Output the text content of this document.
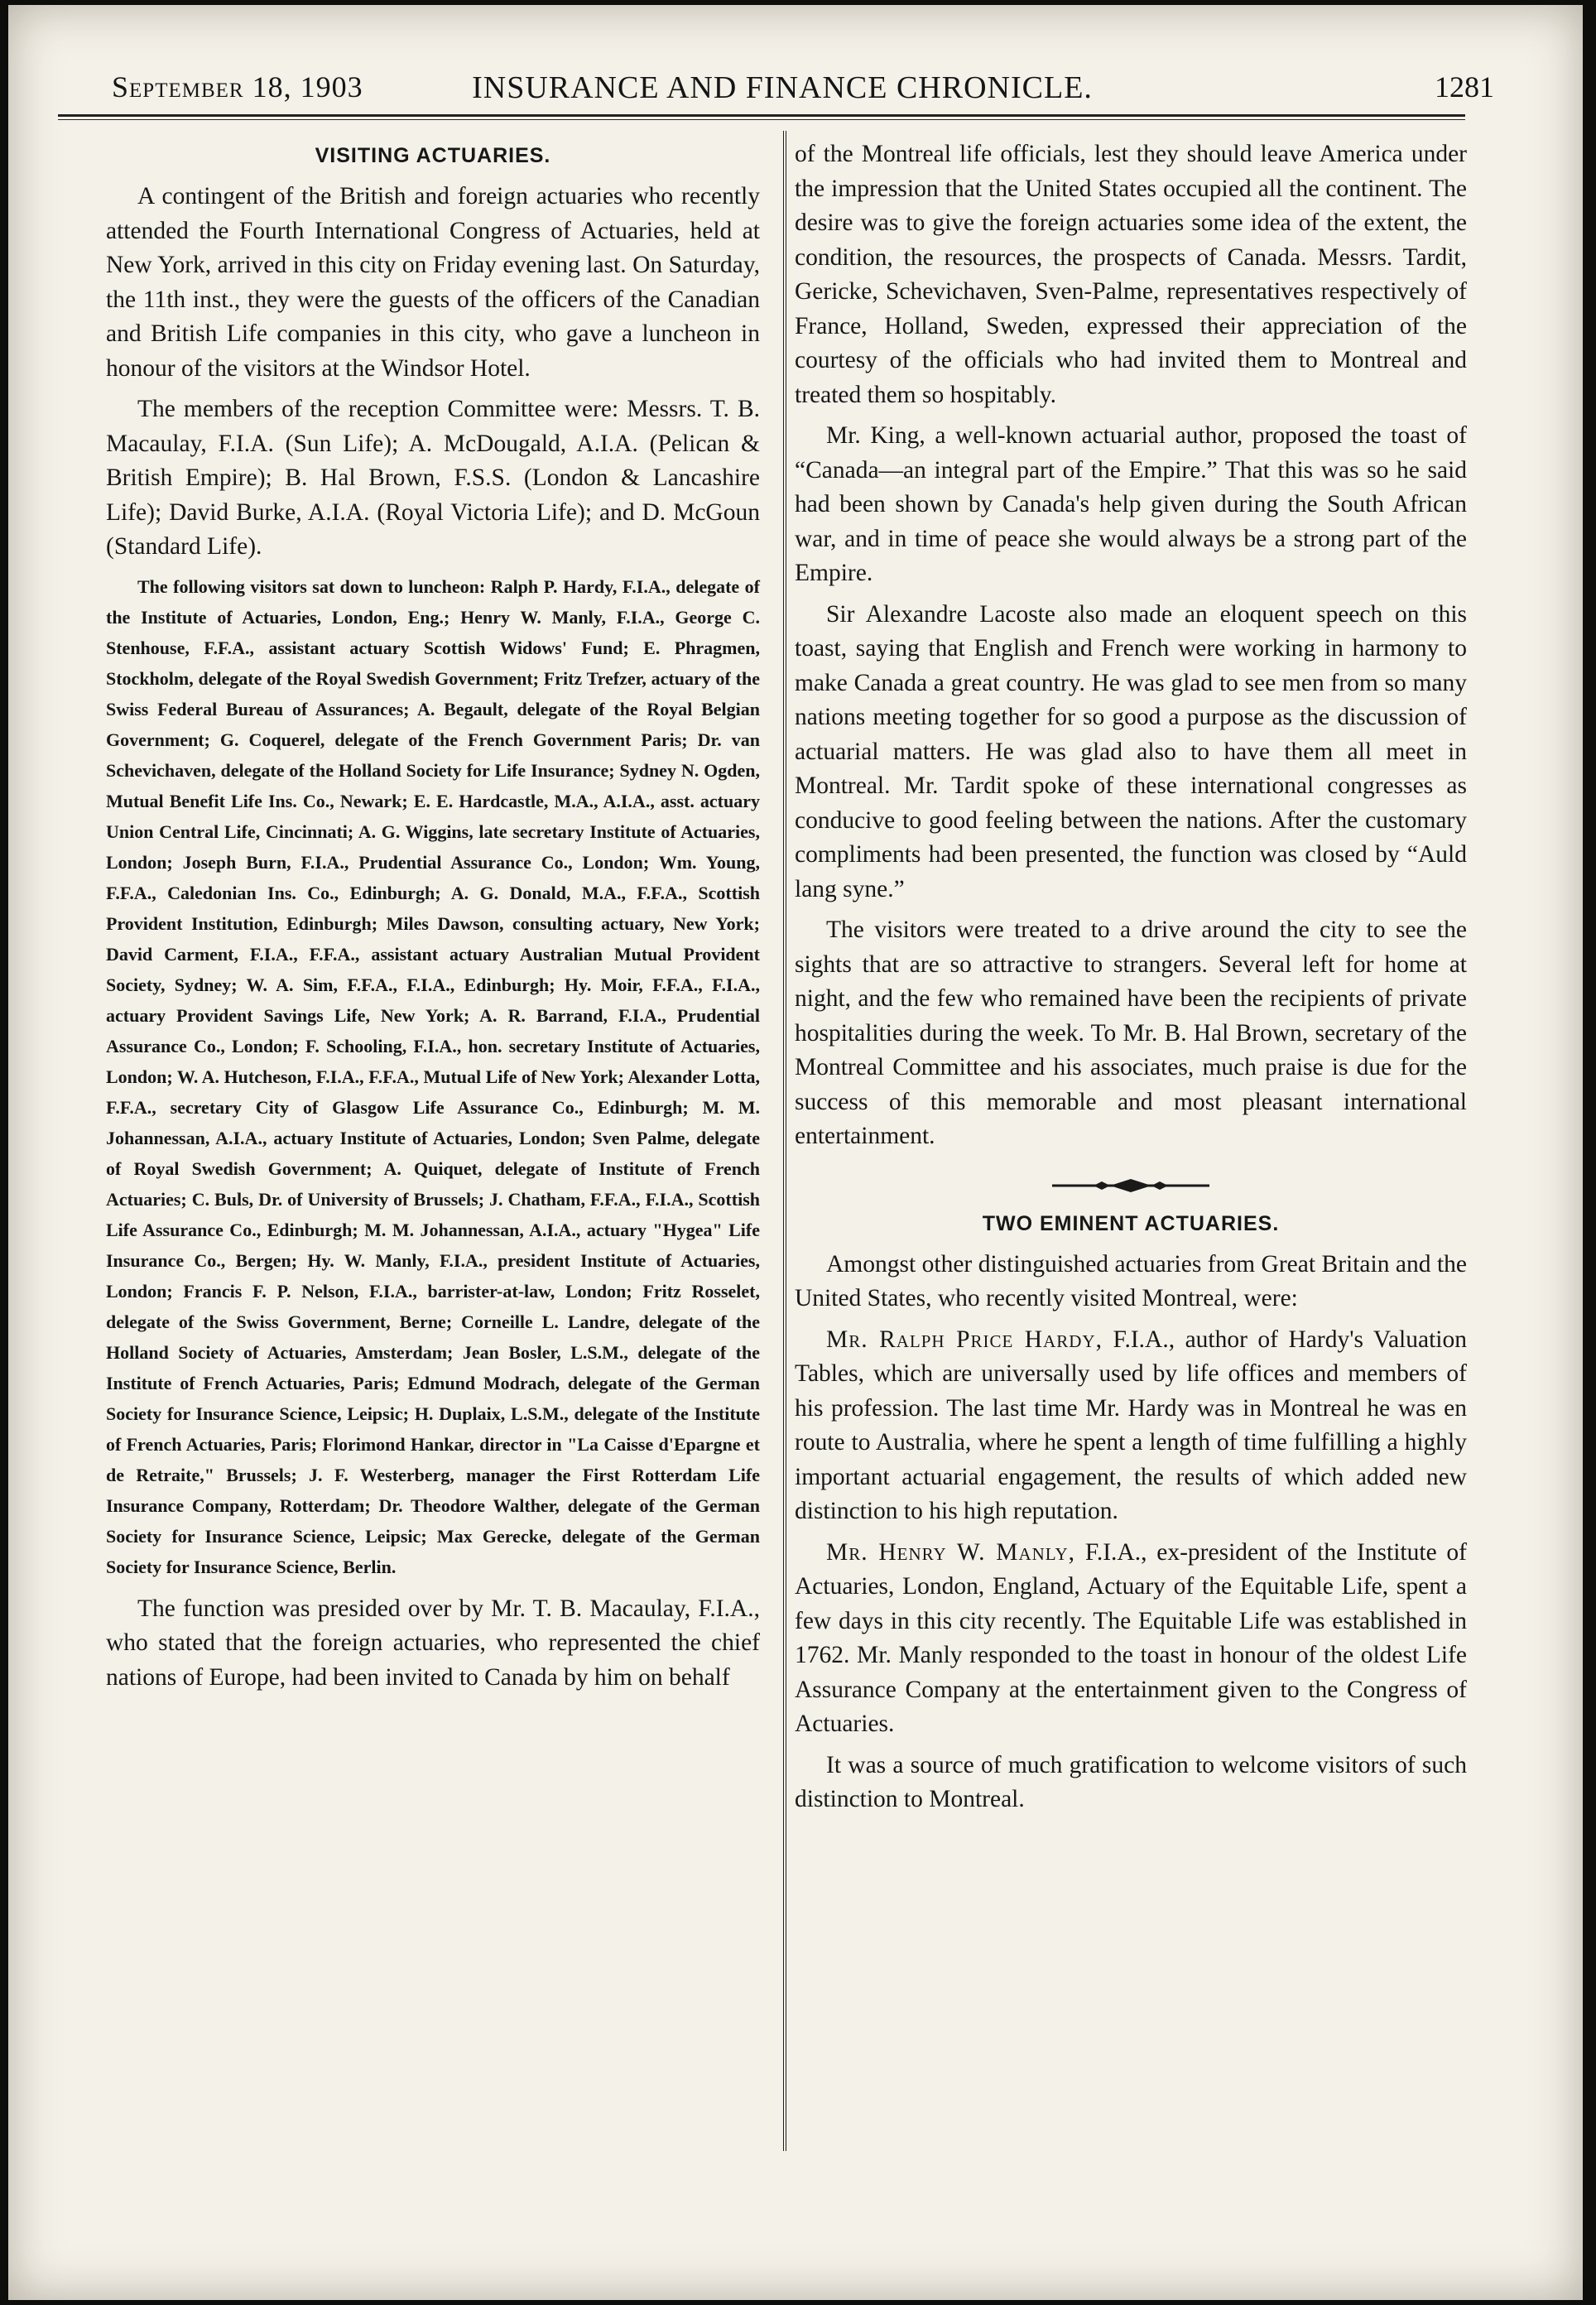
September 18, 1903	INSURANCE AND FINANCE CHRONICLE.	1281
VISITING ACTUARIES.

A contingent of the British and foreign actuaries who recently attended the Fourth International Congress of Actuaries, held at New York, arrived in this city on Friday evening last. On Saturday, the 11th inst., they were the guests of the officers of the Canadian and British Life companies in this city, who gave a luncheon in honour of the visitors at the Windsor Hotel.

The members of the reception Committee were: Messrs. T. B. Macaulay, F.I.A. (Sun Life); A. McDougald, A.I.A. (Pelican & British Empire); B. Hal Brown, F.S.S. (London & Lancashire Life); David Burke, A.I.A. (Royal Victoria Life); and D. McGoun (Standard Life).

The following visitors sat down to luncheon: Ralph P. Hardy, F.I.A., delegate of the Institute of Actuaries, London, Eng.; Henry W. Manly, F.I.A., George C. Stenhouse, F.F.A., assistant actuary Scottish Widows' Fund; E. Phragmen, Stockholm, delegate of the Royal Swedish Government; Fritz Trefzer, actuary of the Swiss Federal Bureau of Assurances; A. Begault, delegate of the Royal Belgian Government; G. Coquerel, delegate of the French Government Paris; Dr. van Schevichaven, delegate of the Holland Society for Life Insurance; Sydney N. Ogden, Mutual Benefit Life Ins. Co., Newark; E. E. Hardcastle, M.A., A.I.A., asst. actuary Union Central Life, Cincinnati; A. G. Wiggins, late secretary Institute of Actuaries, London; Joseph Burn, F.I.A., Prudential Assurance Co., London; Wm. Young, F.F.A., Caledonian Ins. Co., Edinburgh; A. G. Donald, M.A., F.F.A., Scottish Provident Institution, Edinburgh; Miles Dawson, consulting actuary, New York; David Carment, F.I.A., F.F.A., assistant actuary Australian Mutual Provident Society, Sydney; W. A. Sim, F.F.A., F.I.A., Edinburgh; Hy. Moir, F.F.A., F.I.A., actuary Provident Savings Life, New York; A. R. Barrand, F.I.A., Prudential Assurance Co., London; F. Schooling, F.I.A., hon. secretary Institute of Actuaries, London; W. A. Hutcheson, F.I.A., F.F.A., Mutual Life of New York; Alexander Lotta, F.F.A., secretary City of Glasgow Life Assurance Co., Edinburgh; M. M. Johannessan, A.I.A., actuary Institute of Actuaries, London; Sven Palme, delegate of Royal Swedish Government; A. Quiquet, delegate of Institute of French Actuaries; C. Buls, Dr. of University of Brussels; J. Chatham, F.F.A., F.I.A., Scottish Life Assurance Co., Edinburgh; M. M. Johannessan, A.I.A., actuary "Hygea" Life Insurance Co., Bergen; Hy. W. Manly, F.I.A., president Institute of Actuaries, London; Francis F. P. Nelson, F.I.A., barrister-at-law, London; Fritz Rosselet, delegate of the Swiss Government, Berne; Corneille L. Landre, delegate of the Holland Society of Actuaries, Amsterdam; Jean Bosler, L.S.M., delegate of the Institute of French Actuaries, Paris; Edmund Modrach, delegate of the German Society for Insurance Science, Leipsic; H. Duplaix, L.S.M., delegate of the Institute of French Actuaries, Paris; Florimond Hankar, director in "La Caisse d'Epargne et de Retraite," Brussels; J. F. Westerberg, manager the First Rotterdam Life Insurance Company, Rotterdam; Dr. Theodore Walther, delegate of the German Society for Insurance Science, Leipsic; Max Gerecke, delegate of the German Society for Insurance Science, Berlin.

The function was presided over by Mr. T. B. Macaulay, F.I.A., who stated that the foreign actuaries, who represented the chief nations of Europe, had been invited to Canada by him on behalf

of the Montreal life officials, lest they should leave America under the impression that the United States occupied all the continent. The desire was to give the foreign actuaries some idea of the extent, the condition, the resources, the prospects of Canada. Messrs. Tardit, Gericke, Schevichaven, Sven-Palme, representatives respectively of France, Holland, Sweden, expressed their appreciation of the courtesy of the officials who had invited them to Montreal and treated them so hospitably.

Mr. King, a well-known actuarial author, proposed the toast of “Canada—an integral part of the Empire.” That this was so he said had been shown by Canada's help given during the South African war, and in time of peace she would always be a strong part of the Empire.

Sir Alexandre Lacoste also made an eloquent speech on this toast, saying that English and French were working in harmony to make Canada a great country. He was glad to see men from so many nations meeting together for so good a purpose as the discussion of actuarial matters. He was glad also to have them all meet in Montreal. Mr. Tardit spoke of these international congresses as conducive to good feeling between the nations. After the customary compliments had been presented, the function was closed by “Auld lang syne.”

The visitors were treated to a drive around the city to see the sights that are so attractive to strangers. Several left for home at night, and the few who remained have been the recipients of private hospitalities during the week. To Mr. B. Hal Brown, secretary of the Montreal Committee and his associates, much praise is due for the success of this memorable and most pleasant international entertainment.

TWO EMINENT ACTUARIES.

Amongst other distinguished actuaries from Great Britain and the United States, who recently visited Montreal, were:

Mr. Ralph Price Hardy, F.I.A., author of Hardy's Valuation Tables, which are universally used by life offices and members of his profession. The last time Mr. Hardy was in Montreal he was en route to Australia, where he spent a length of time fulfilling a highly important actuarial engagement, the results of which added new distinction to his high reputation.

Mr. Henry W. Manly, F.I.A., ex-president of the Institute of Actuaries, London, England, Actuary of the Equitable Life, spent a few days in this city recently. The Equitable Life was established in 1762. Mr. Manly responded to the toast in honour of the oldest Life Assurance Company at the entertainment given to the Congress of Actuaries.

It was a source of much gratification to welcome visitors of such distinction to Montreal.
